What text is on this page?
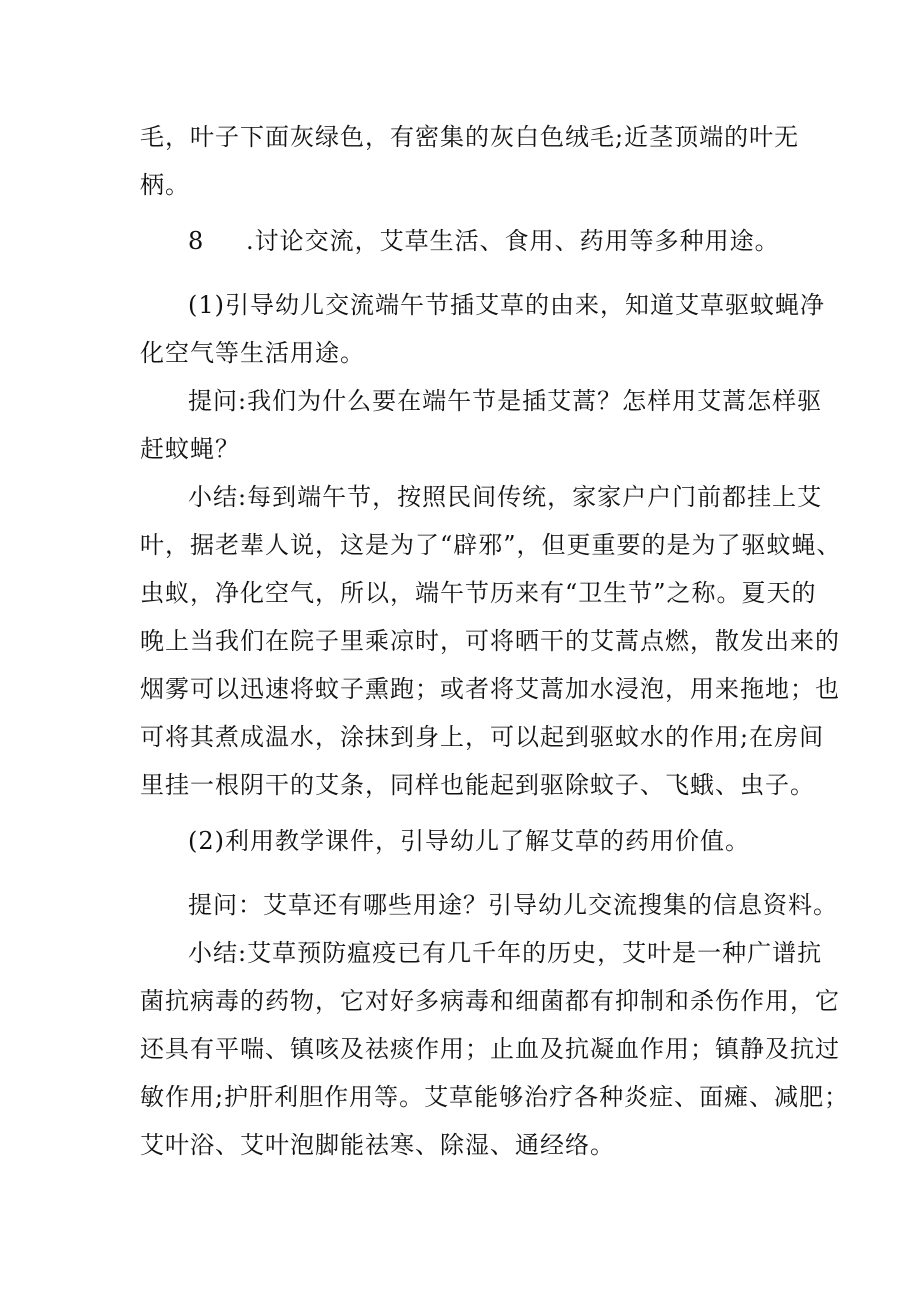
毛，叶子下面灰绿色，有密集的灰白色绒毛;近茎顶端的叶无
柄。
8 .讨论交流，艾草生活、食用、药用等多种用途。
(1)引导幼儿交流端午节插艾草的由来，知道艾草驱蚊蝇净
化空气等生活用途。
提问:我们为什么要在端午节是插艾蒿？怎样用艾蒿怎样驱
赶蚊蝇？
小结:每到端午节，按照民间传统，家家户户门前都挂上艾
叶，据老辈人说，这是为了“辟邪”，但更重要的是为了驱蚊蝇、
虫蚁，净化空气，所以，端午节历来有“卫生节”之称。夏天的
晚上当我们在院子里乘凉时，可将晒干的艾蒿点燃，散发出来的
烟雾可以迅速将蚊子熏跑；或者将艾蒿加水浸泡，用来拖地；也
可将其煮成温水，涂抹到身上，可以起到驱蚊水的作用;在房间
里挂一根阴干的艾条，同样也能起到驱除蚊子、飞蛾、虫子。
(2)利用教学课件，引导幼儿了解艾草的药用价值。
提问：艾草还有哪些用途？引导幼儿交流搜集的信息资料。
小结:艾草预防瘟疫已有几千年的历史，艾叶是一种广谱抗
菌抗病毒的药物，它对好多病毒和细菌都有抑制和杀伤作用，它
还具有平喘、镇咳及祛痰作用；止血及抗凝血作用；镇静及抗过
敏作用;护肝利胆作用等。艾草能够治疗各种炎症、面瘫、减肥；
艾叶浴、艾叶泡脚能祛寒、除湿、通经络。
